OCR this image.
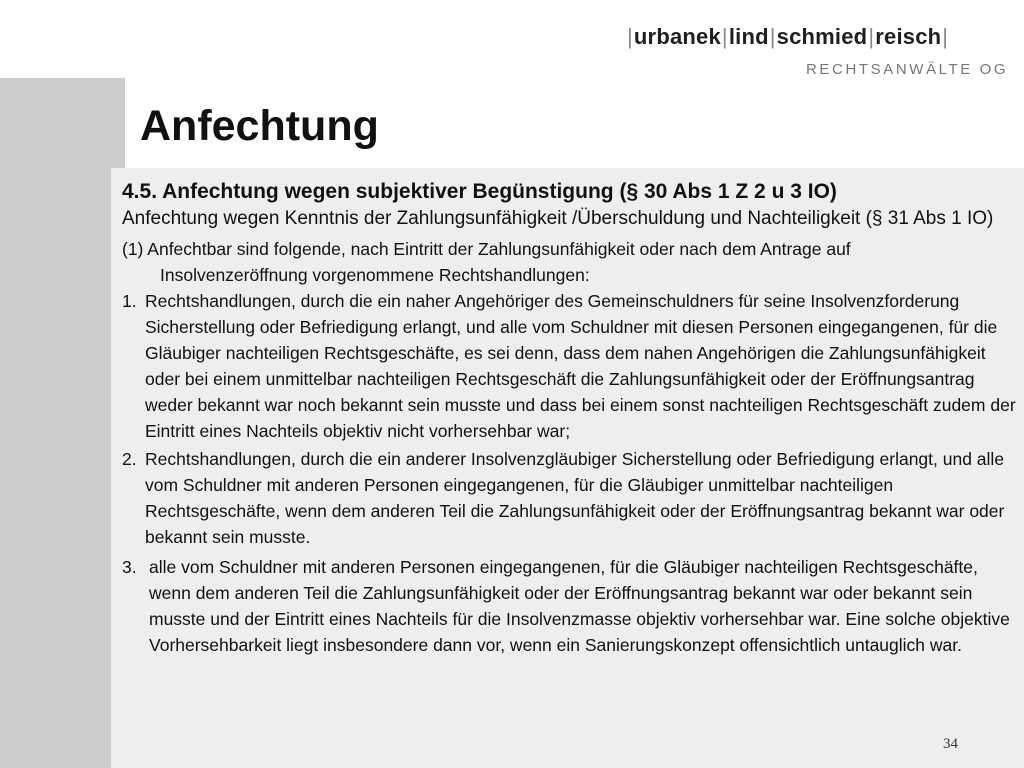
|urbanek|lind|schmied|reisch|
RECHTSANWÄLTE OG
Anfechtung
4.5. Anfechtung wegen subjektiver Begünstigung (§ 30 Abs 1 Z 2 u 3 IO)
Anfechtung wegen Kenntnis der Zahlungsunfähigkeit /Überschuldung und Nachteiligkeit (§ 31 Abs 1 IO)

(1) Anfechtbar sind folgende, nach Eintritt der Zahlungsunfähigkeit oder nach dem Antrage auf

Insolvenzeröffnung vorgenommene Rechtshandlungen:

1. Rechtshandlungen, durch die ein naher Angehöriger des Gemeinschuldners für seine Insolvenzforderung Sicherstellung oder Befriedigung erlangt, und alle vom Schuldner mit diesen Personen eingegangenen, für die Gläubiger nachteiligen Rechtsgeschäfte, es sei denn, dass dem nahen Angehörigen die Zahlungsunfähigkeit oder bei einem unmittelbar nachteiligen Rechtsgeschäft die Zahlungsunfähigkeit oder der Eröffnungsantrag weder bekannt war noch bekannt sein musste und dass bei einem sonst nachteiligen Rechtsgeschäft zudem der Eintritt eines Nachteils objektiv nicht vorhersehbar war;
2. Rechtshandlungen, durch die ein anderer Insolvenzgläubiger Sicherstellung oder Befriedigung erlangt, und alle vom Schuldner mit anderen Personen eingegangenen, für die Gläubiger unmittelbar nachteiligen Rechtsgeschäfte, wenn dem anderen Teil die Zahlungsunfähigkeit oder der Eröffnungsantrag bekannt war oder bekannt sein musste.
3. alle vom Schuldner mit anderen Personen eingegangenen, für die Gläubiger nachteiligen Rechtsgeschäfte, wenn dem anderen Teil die Zahlungsunfähigkeit oder der Eröffnungsantrag bekannt war oder bekannt sein musste und der Eintritt eines Nachteils für die Insolvenzmasse objektiv vorhersehbar war. Eine solche objektive Vorhersehbarkeit liegt insbesondere dann vor, wenn ein Sanierungskonzept offensichtlich untauglich war.
34
